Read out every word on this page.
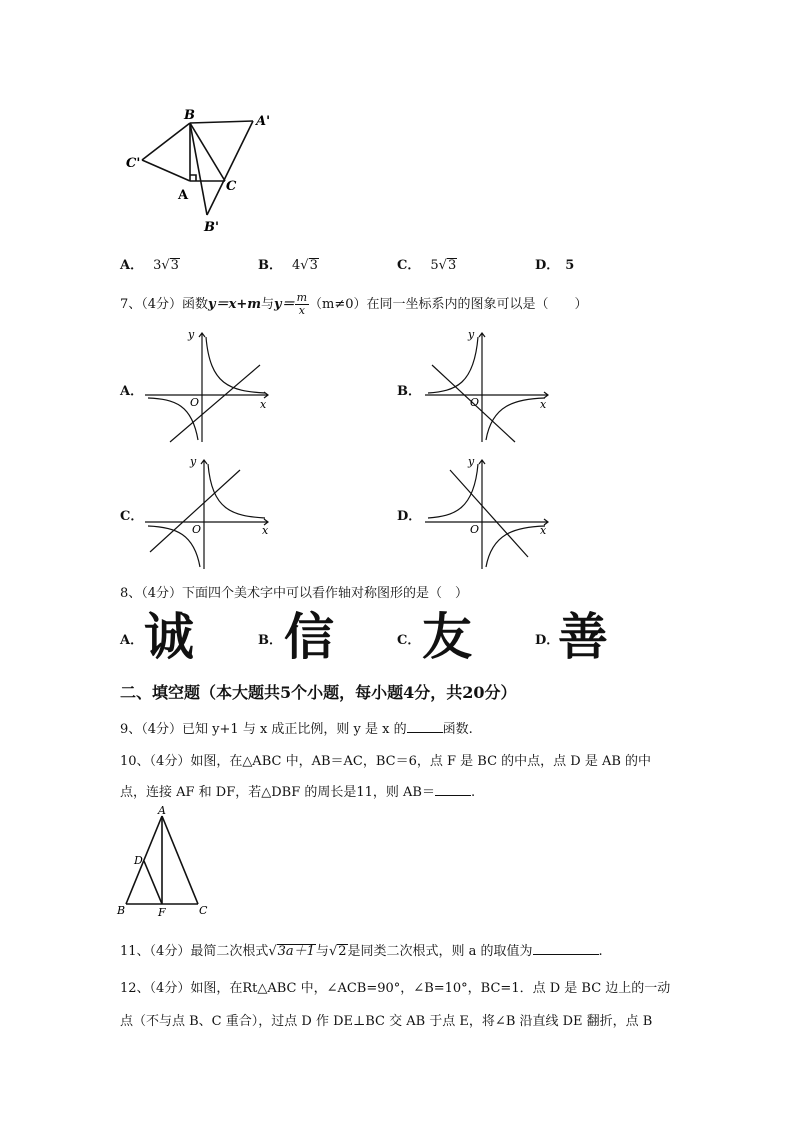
B	A'
C'
A
C
B'
A． 3√3	B． 4√3	C． 5√3	D． 5
7、（4分）函数y＝x+m与$y= \frac{m}{x} (m\ne 0)$在同一坐标系内的图象可以是（　　）
A．
y
x
O
B．
y
x
O
C．
y
x
O
D．
y
x
O
8、（4分）下面四个美术字中可以看作轴对称图形的是（　）
A． 诚	B． 信	C． 友	D．
善
二、填空题（本大题共5个小题，每小题4分，共20分）
9、（4分）已知 y+1 与 x 成正比例，则 y 是 x 的	函数.
10、（4分）如图，在△ABC 中，AB＝AC，BC＝6，点 F 是 BC 的中点，点 D 是 AB 的中
点，连接 AF 和 DF，若△DBF 的周长是11，则 AB＝	.
A
D
B	F	C
11、（4分）最简二次根式√3a＋1与√2是同类二次根式，则 a 的取值为	.
12、（4分）如图，在Rt△ABC 中，∠ACB=90°，∠B=10°，BC=1．点 D 是 BC 边上的一动
点（不与点 B、C 重合），过点 D 作 DE⊥BC 交 AB 于点 E，将∠B 沿直线 DE 翻折，点 B
